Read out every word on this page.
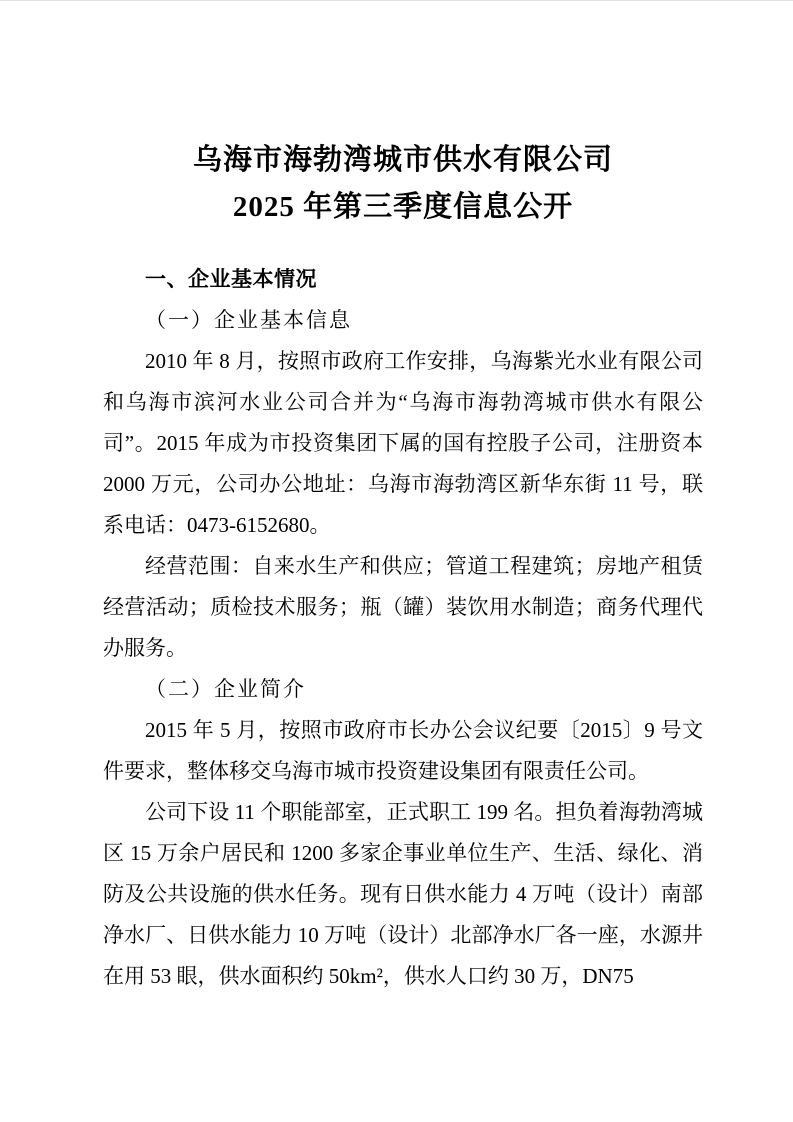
乌海市海勃湾城市供水有限公司
2025 年第三季度信息公开
一、企业基本情况
（一）企业基本信息

2010 年 8 月，按照市政府工作安排，乌海紫光水业有限公司和乌海市滨河水业公司合并为“乌海市海勃湾城市供水有限公司”。2015 年成为市投资集团下属的国有控股子公司，注册资本 2000 万元，公司办公地址：乌海市海勃湾区新华东街 11 号，联系电话：0473-6152680。

经营范围：自来水生产和供应；管道工程建筑；房地产租赁经营活动；质检技术服务；瓶（罐）装饮用水制造；商务代理代办服务。

（二）企业简介

2015 年 5 月，按照市政府市长办公会议纪要〔2015〕9 号文件要求，整体移交乌海市城市投资建设集团有限责任公司。

公司下设 11 个职能部室，正式职工 199 名。担负着海勃湾城区 15 万余户居民和 1200 多家企事业单位生产、生活、绿化、消防及公共设施的供水任务。现有日供水能力 4 万吨（设计）南部净水厂、日供水能力 10 万吨（设计）北部净水厂各一座，水源井在用 53 眼，供水面积约 50km²，供水人口约 30 万，DN75
